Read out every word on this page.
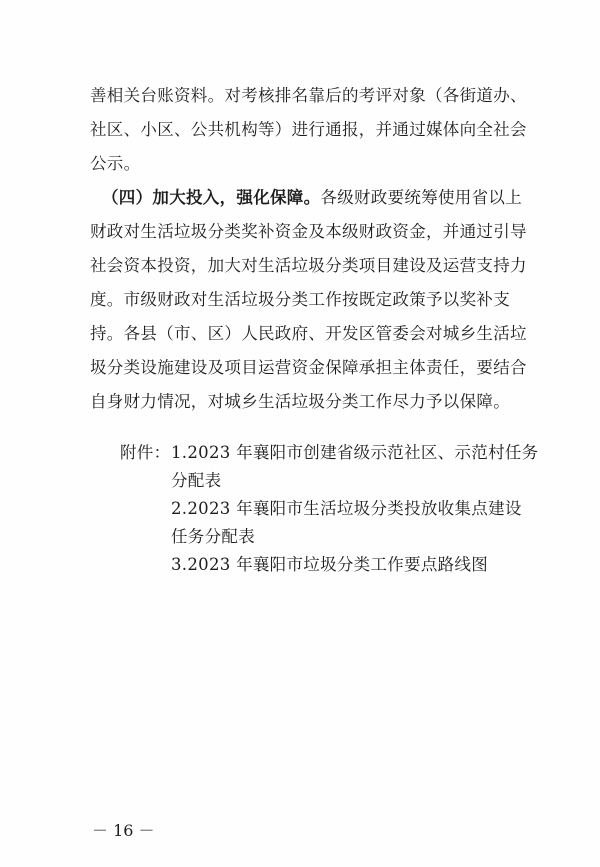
善相关台账资料。对考核排名靠后的考评对象（各街道办、
社区、小区、公共机构等）进行通报，并通过媒体向全社会
公示。
（四）加大投入，强化保障。各级财政要统筹使用省以上
财政对生活垃圾分类奖补资金及本级财政资金，并通过引导
社会资本投资，加大对生活垃圾分类项目建设及运营支持力
度。市级财政对生活垃圾分类工作按既定政策予以奖补支
持。各县（市、区）人民政府、开发区管委会对城乡生活垃
圾分类设施建设及项目运营资金保障承担主体责任，要结合
自身财力情况，对城乡生活垃圾分类工作尽力予以保障。
附件： 1.2023 年襄阳市创建省级示范社区、示范村任务
分配表
2.2023 年襄阳市生活垃圾分类投放收集点建设
任务分配表
3.2023 年襄阳市垃圾分类工作要点路线图
－ 16 －
